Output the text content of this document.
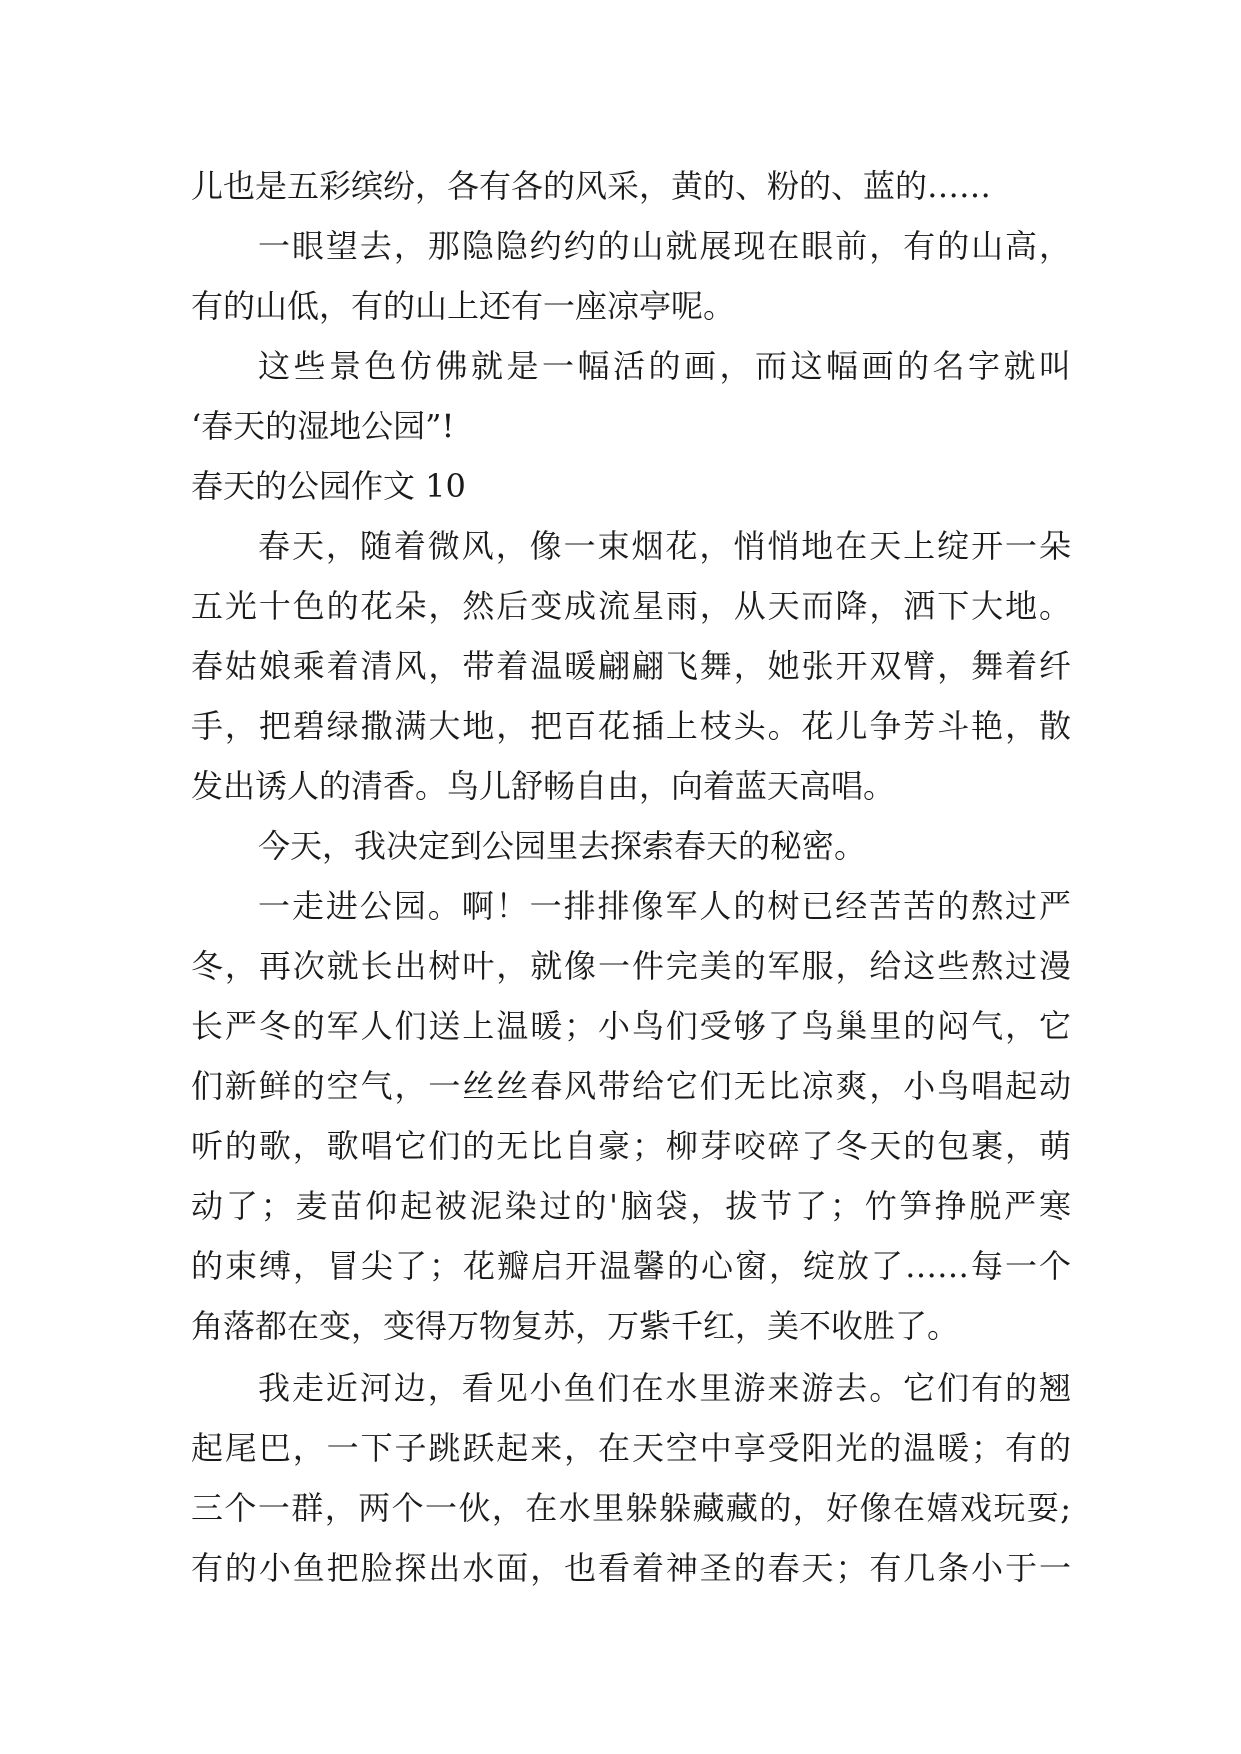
儿也是五彩缤纷，各有各的风采，黄的、粉的、蓝的……
一眼望去，那隐隐约约的山就展现在眼前，有的山高，
有的山低，有的山上还有一座凉亭呢。
这些景色仿佛就是一幅活的画，而这幅画的名字就叫
‘春天的湿地公园”!
春天的公园作文 10
春天，随着微风，像一束烟花，悄悄地在天上绽开一朵
五光十色的花朵，然后变成流星雨，从天而降，洒下大地。
春姑娘乘着清风，带着温暖翩翩飞舞，她张开双臂，舞着纤
手，把碧绿撒满大地，把百花插上枝头。花儿争芳斗艳，散
发出诱人的清香。鸟儿舒畅自由，向着蓝天高唱。
今天，我决定到公园里去探索春天的秘密。
一走进公园。啊！一排排像军人的树已经苦苦的熬过严
冬，再次就长出树叶，就像一件完美的军服，给这些熬过漫
长严冬的军人们送上温暖；小鸟们受够了鸟巢里的闷气，它
们新鲜的空气，一丝丝春风带给它们无比凉爽，小鸟唱起动
听的歌，歌唱它们的无比自豪；柳芽咬碎了冬天的包裹，萌
动了；麦苗仰起被泥染过的'脑袋，拔节了；竹笋挣脱严寒
的束缚，冒尖了；花瓣启开温馨的心窗，绽放了……每一个
角落都在变，变得万物复苏，万紫千红，美不收胜了。
我走近河边，看见小鱼们在水里游来游去。它们有的翘
起尾巴，一下子跳跃起来，在天空中享受阳光的温暖；有的
三个一群，两个一伙，在水里躲躲藏藏的，好像在嬉戏玩耍;
有的小鱼把脸探出水面，也看着神圣的春天；有几条小于一
